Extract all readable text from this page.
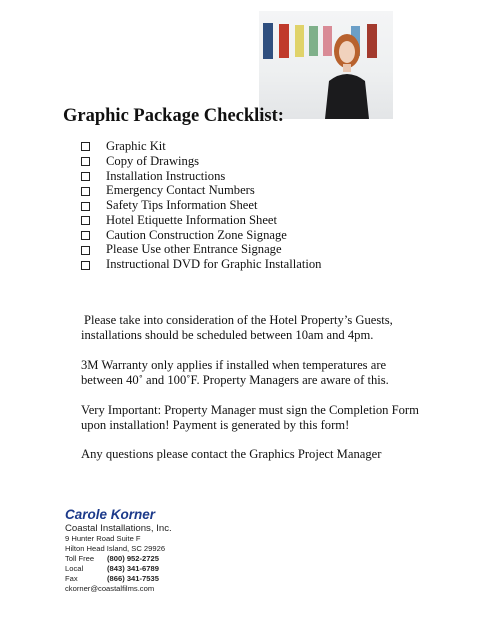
Graphic Package Checklist:
Graphic Kit
Copy of Drawings
Installation Instructions
Emergency Contact Numbers
Safety Tips Information Sheet
Hotel Etiquette Information Sheet
Caution Construction Zone Signage
Please Use other Entrance Signage
Instructional DVD for Graphic Installation
Please take into consideration of the Hotel Property’s Guests,
installations should be scheduled between 10am and 4pm.
3M Warranty only applies if installed when temperatures are
between 40˚ and 100˚F. Property Managers are aware of this.
Very Important: Property Manager must sign the Completion Form
upon installation! Payment is generated by this form!
Any questions please contact the Graphics Project Manager
Carole Korner
Coastal Installations, Inc.
9 Hunter Road Suite F
Hilton Head Island, SC 29926
Toll Free	(800) 952-2725
Local	(843) 341-6789
Fax	(866) 341-7535
ckorner@coastalfilms.com
